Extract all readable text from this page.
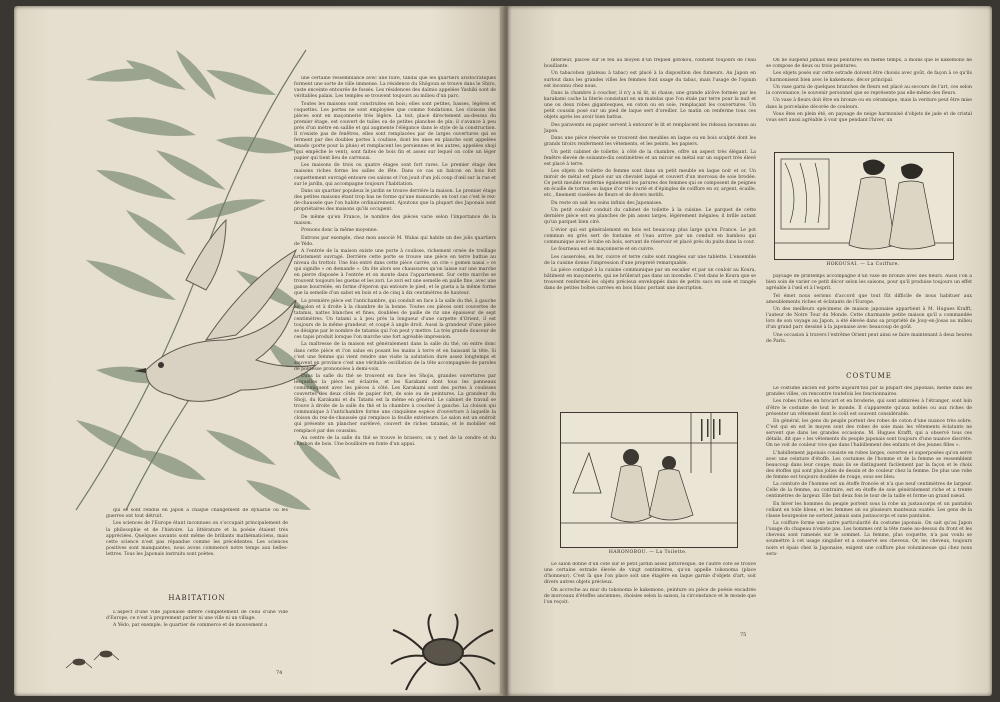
une certaine ressemblance avec une foire, tandis que les quartiers aristocratiques forment une sorte de ville immense. La résidence du Shôgoun se trouve dans le Shiro, vaste enceinte entourée de fossés. Les résidences des daïmio appelées Yashiki sont de véritables palais. Les temples se trouvent toujours au milieu d'un parc.

Toutes les maisons sont construites en bois; elles sont petites, basses, légères et coquettes. Les portes ne sont employées que comme fondations. Les cloisons des pièces sont en maçonnerie très légère. La toit, placé directement au-dessus du premier étage, est couvert de tuiles ou de petites planches de pin; il s'avance à peu près d'un mètre en saillie et qui augmente l'élégance dans le style de la construction. Il n'existe pas de fenêtres, elles sont remplacées par de larges ouvertures qui se ferment par des doubles portes à coulisse, dont les unes en planche sont appelées amado (porte pour la pluie) et remplacent les persiennes et les autres, appelées shoji (qui empêche le vent), sont faites de bois fin et assez sur lequel on colle un léger papier qui tient lieu de carreaux.

Les maisons de trois ou quatre étages sont fort rares. Le premier étage des maisons riches forme les salles de fête. Dans ce cas un balcon en bois fort coquettement ouvragé entoure ces salons et l'on jouit d'un joli coup d'œil sur la rue et sur le jardin, qui accompagne toujours l'habitation.

Dans un quartier populeux le jardin se trouve derrière la maison. Le premier étage des petites maisons étant trop bas ne forme qu'une mansarde; en tout cas c'est le rez-de-chaussée que l'on habite ordinairement. Ajoutons que la plupart des Japonais sont propriétaires des maisons qu'ils occupent.

De même qu'en France, le nombre des pièces varie selon l'importance de la maison.

Prenons donc la même moyenne.

Entrons par exemple, chez mon associé M. Wakai qui habite un des jolis quartiers de Yédo.

A l'entrée de la maison existe une porte à coulisse, richement ornée de treillage artistement ouvragé. Derrière cette porte se trouve une pièce en terre battue au niveau du trottoir. Une fois entré dans cette pièce carrée, on crie « gomen nasai » ce qui signifie « on demande ». On ôte alors ses chaussures qu'on laisse sur une marche en pierre disposée à l'entrée et on monte dans l'appartement. Sur cette marche se trouvent toujours les guetas et les zori. Le zori est une semelle en paille fine, avec une ganse bourrelée, en forme d'éperon qui entoure le pied; et le gueta a la même forme que la semelle d'un sabot en bois et a de cinq à dix centimètres de hauteur.

La première pièce est l'antichambre, qui conduit en face à la salle du thé, à gauche au salon et à droite à la chambre de la bonne. Toutes ces pièces sont couvertes de tatamis, nattes blanches et fines, doublées de paille de riz une épaisseur de sept centimètres. Un tatami a à peu près la longueur d'une carpette d'Orient, il est toujours de la même grandeur, et coupé à angle droit. Aussi la grandeur d'une pièce se désigne par le nombre de tatamis qui l'on peut y mettre. La très grande douceur de ces tapis produit lorsque l'on marche une fort agréable impression.

La maîtresse de la maison est généralement dans la salle du thé, on entre donc dans cette pièce et l'on salue en posant les mains à terre et en baissant la tête. Si c'est une femme qui vient rendre une visite la salutation dure assez longtemps et souvent en province c'est une véritable oscillation de la tête accompagnée de paroles de politesse prononcées à demi-voix.

Dans la salle du thé se trouvent en face les Shojis, grandes ouvertures par lesquelles la pièce est éclairée, et les Karakami dont tous les panneaux communiquent avec les pièces à côté. Les Karakami sont des portes à coulisses couvertes des deux côtés de papier fort, de soie ou de peintures. La grandeur du Shoji, du Karakami et du Tatami est la même en général. Le cabinet de travail se trouve à droite de la salle du thé et la chambre à coucher à gauche. La cloison qui communique à l'antichambre forme une cinquième espèce d'ouverture à laquelle la cloison du rez-de-chaussée qui remplace la feuille extérieure. Le salon est un endroit qui présente un plancher surélevé, couvert de riches tatamis, et le mobilier est remplacé par des coussins.

Au centre de la salle du thé se trouve le brasero, on y met de la cendre et du charbon de bois. Une bouilloire en fonte d'un appui.

qui se sont rendus en Japon à chaque changement de dynastie ou les guerres ont tout détruit.

Les sciences de l'Europe étant inconnues on s'occupait principalement de la philosophie et de l'histoire. La littérature et la poésie étaient très appréciées. Quelques savants sont même de brillants mathématiciens, mais cette science n'est pas répandue comme les précédentes. Les sciences positives sont manquantes, nous avons commencé notre temps aux belles-lettres. Tous les Japonais instruits sont poètes.

HABITATION

L'aspect d'une ville japonaise diffère complètement de celui d'une ville d'Europe, ce n'est à proprement parler ni une ville ni un village.

A Yédo, par exemple, le quartier de commerce et de mouvement a

74

intérieur, placée sur le feu au moyen d'un trépied gotokou, contient toujours de l'eau bouillante.

Un tabacobon (plateau à tabac) est placé à la disposition des fumeurs. Au Japon en surtout dans les grandes villes les femmes font usage du tabac, mais l'usage de l'opium est inconnu chez nous.

Dans la chambre à coucher, il n'y a ni lit, ni chaise; une grande alcôve formée par les karakami cache la literie consistant en un matelas que l'on étale par terre pour la nuit et une ou deux robes gigantesques, en coton ou en soie, remplaçant les couvertures. Un petit coussin posé sur un pied de laque sert d'oreiller. Le matin on renferme tous ces objets après les avoir bien battus.

Des paravents en papier servent à entourer le lit et remplacent les rideaux inconnus au Japon.

Dans une pièce réservée se trouvent des meubles en laque ou en bois sculpté dont les grands tiroirs renferment les vêtements, et les peints, les papiers.

Un petit cabinet de toilette, à côté de la chambre, offre un aspect très élégant. La fenêtre élevée de soixante-dix centimètres et un miroir en métal sur un support très élevé est placé à terre.

Les objets de toilette de femme sont dans un petit meuble en laque noir et or. Un miroir de métal est placé sur un chevalet laqué et couvert d'un morceau de soie brodée. Ce petit meuble renferme également les parures des femmes qui se composent de peignes en écaille de tortue, en laque d'or très varié et d'épingles de coiffure en or, argent, écaille, etc., finement ciselées de fleurs et de divers motifs.

Du reste on sait les soins infinis des Japonaises.

Un petit couloir conduit du cabinet de toilette à la cuisine. Le parquet de cette dernière pièce est en planches de pin assez larges, légèrement inégales; il brille autant qu'un parquet bien ciré.

L'évier qui est généralement en bois est beaucoup plus large qu'en France. Le pot commun en grès sert de fontaine et l'eau arrive par un conduit en bambou qui communique avec le tube en bois, servant de réservoir et placé près du puits dans la cour.

Le fourneau est en maçonnerie et en cuivre.

Les casseroles, en fer, cuivre et terre cuite sont rangées sur une tablette. L'ensemble de la cuisine donne l'impression d'une propreté remarquable.

La pièce contiguë à la cuisine communique par un escalier et par un couloir au Koura, bâtiment en maçonnerie, qui ne brûlerait pas dans un incendie. C'est dans le Koura que se trouvent renfermés les objets précieux enveloppés dans de petits sacs en soie et rangés dans de petites boîtes carrées en bois blanc portant une inscription.

HARONOBOU. — La Toilette.

Le salon donne d'un côté sur le petit jardin assez pittoresque, de l'autre côté se trouve une certaine estrade élevée de vingt centimètres, qu'on appelle tokonoma (place d'honneur). C'est là que l'on place soit une étagère en laque garnie d'objets d'art, soit divers autres objets précieux.

On accroche au mur du tokonoma le kakemono, peinture ou pièce de poésie encadrée de morceaux d'étoffes anciennes, choisies selon la saison, la circonstance et le monde que l'on reçoit.

75

On ne suspend jamais deux peintures en même temps, à moins que le kakemono ne se compose de deux ou trois peintures.

Les objets posés sur cette estrade doivent être choisis avec goût, de façon à ce qu'ils s'harmonisent bien avec le kakemono, décor principal.

Un vase garni de quelques branches de fleurs est placé au secours de l'art, ces selon la convenance, le souvenir personnel que se représente pas elle-même des fleurs.

Un vase à fleurs doit être en bronze ou en céramique, mais la verdure peut être mise dans la porcelaine décorée de couleurs.

Vous êtes en plein été, en paysage de neige harmonisé d'objets de jade et de cristal vous sert aussi agréable à voir que pendant l'hiver, un

HOKOUSAI. — La Coiffure.

paysage de printemps accompagné d'un vase de bronze avec des fleurs. Aussi l'on a bien soin de varier ce petit décor selon les saisons, pour qu'il produise toujours un effet agréable à l'œil et à l'esprit.

Tel émet nous serions d'accord que tout fût difficile de nous habituer aux ameublements riches et éclatants de l'Europe.

Un des meilleurs spécimens de maison japonaise appartient à M. Hugues Krafft, l'auteur de Notre Tour du Monde. Cette charmante petite maison qu'il a commandée lors de son voyage au Japon, a été élevée dans sa propriété de Jouy-en-Josas au milieu d'un grand parc dessiné à la japonaise avec beaucoup de goût.

Une occasion à travers l'extrême Orient peut ainsi se faire maintenant à deux heures de Paris.

COSTUME

Le costume ancien est porté aujourd'hui par la plupart des Japonais, même dans les grandes villes, on rencontre toutefois les fonctionnaires.

Les robes riches en brocart et en broderie, qui sont admirées à l'étranger, sont loin d'être le costume de tout le monde. Il s'apparente qu'aux nobles ou aux riches de présenter un vêtement dont le coût est souvent considérable.

En général, les gens du peuple portent des robes de coton d'une nuance très sobre. C'est qui en est le moyen sont des robes de soie mais les vêtements éclatants ne servent que dans les grandes occasions. M. Hugues Krafft, qui a observé tous ces détails, dit que « les vêtements du peuple japonais sont toujours d'une nuance discrète. On ne voit de couleur vive que dans l'habillement des enfants et des jeunes filles ».

L'habillement japonais consiste en robes larges, ouvertes et superposées qu'on serre avec une ceinture d'étoffe. Les costumes de l'homme et de la femme se ressemblent beaucoup dans leur coupe; mais ils se distinguent facilement par la façon et le choix des étoffes qui sont plus jolies de dessin et de couleur chez la femme. De plus une robe de femme est toujours doublée de rouge, sous ses bleu.

La ceinture de l'homme est un étoffe froncée et n'a que neuf centimètres de largeur. Celle de la femme, au contraire, est en étoffe de soie généralement riche et a trente centimètres de largeur. Elle fait deux fois le tour de la taille et forme un grand nœud.

En hiver les hommes du peuple portent sous la robe un justaucorps et un pantalon collant en toile bleue, et les femmes un ou plusieurs manteaux ouatés. Les gens de la classe bourgeoise ne sortent jamais sans justaucorps et sans pantalon.

La coiffure forme une autre particularité du costume japonais. On sait qu'au Japon l'usage du chapeau n'existe pas. Les hommes ont la tête rasée au-dessus du front et les cheveux sont ramenés sur le sommet. La femme, plus coquette, n'a pas voulu se soumettre à cet usage singulier et a conservé ses cheveux. Or, les cheveux, toujours noirs et épais chez la Japonaise, exigent une coiffure plus volumineuse qui chez nous sera-
